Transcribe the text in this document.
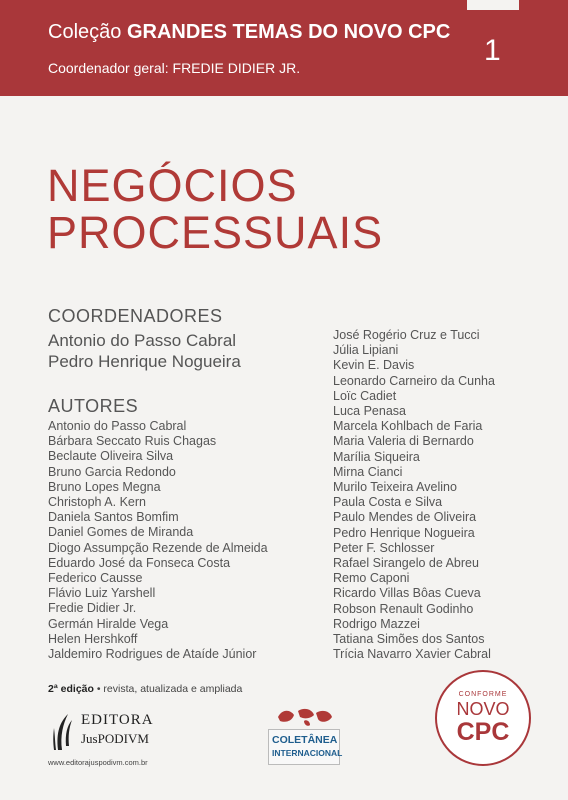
Coleção GRANDES TEMAS DO NOVO CPC
Coordenador geral: FREDIE DIDIER JR.
1
NEGÓCIOS
PROCESSUAIS
COORDENADORES
Antonio do Passo Cabral
Pedro Henrique Nogueira
AUTORES
Antonio do Passo Cabral
Bárbara Seccato Ruis Chagas
Beclaute Oliveira Silva
Bruno Garcia Redondo
Bruno Lopes Megna
Christoph A. Kern
Daniela Santos Bomfim
Daniel Gomes de Miranda
Diogo Assumpção Rezende de Almeida
Eduardo José da Fonseca Costa
Federico Causse
Flávio Luiz Yarshell
Fredie Didier Jr.
Germán Hiralde Vega
Helen Hershkoff
Jaldemiro Rodrigues de Ataíde Júnior
José Rogério Cruz e Tucci
Júlia Lipiani
Kevin E. Davis
Leonardo Carneiro da Cunha
Loïc Cadiet
Luca Penasa
Marcela Kohlbach de Faria
Maria Valeria di Bernardo
Marília Siqueira
Mirna Cianci
Murilo Teixeira Avelino
Paula Costa e Silva
Paulo Mendes de Oliveira
Pedro Henrique Nogueira
Peter F. Schlosser
Rafael Sirangelo de Abreu
Remo Caponi
Ricardo Villas Bôas Cueva
Robson Renault Godinho
Rodrigo Mazzei
Tatiana Simões dos Santos
Trícia Navarro Xavier Cabral
2ª edição • revista, atualizada e ampliada
EDITORA
JusPODIVM
www.editorajuspodivm.com.br
COLETÂNEA
INTERNACIONAL
CONFORME
NOVO
CPC
